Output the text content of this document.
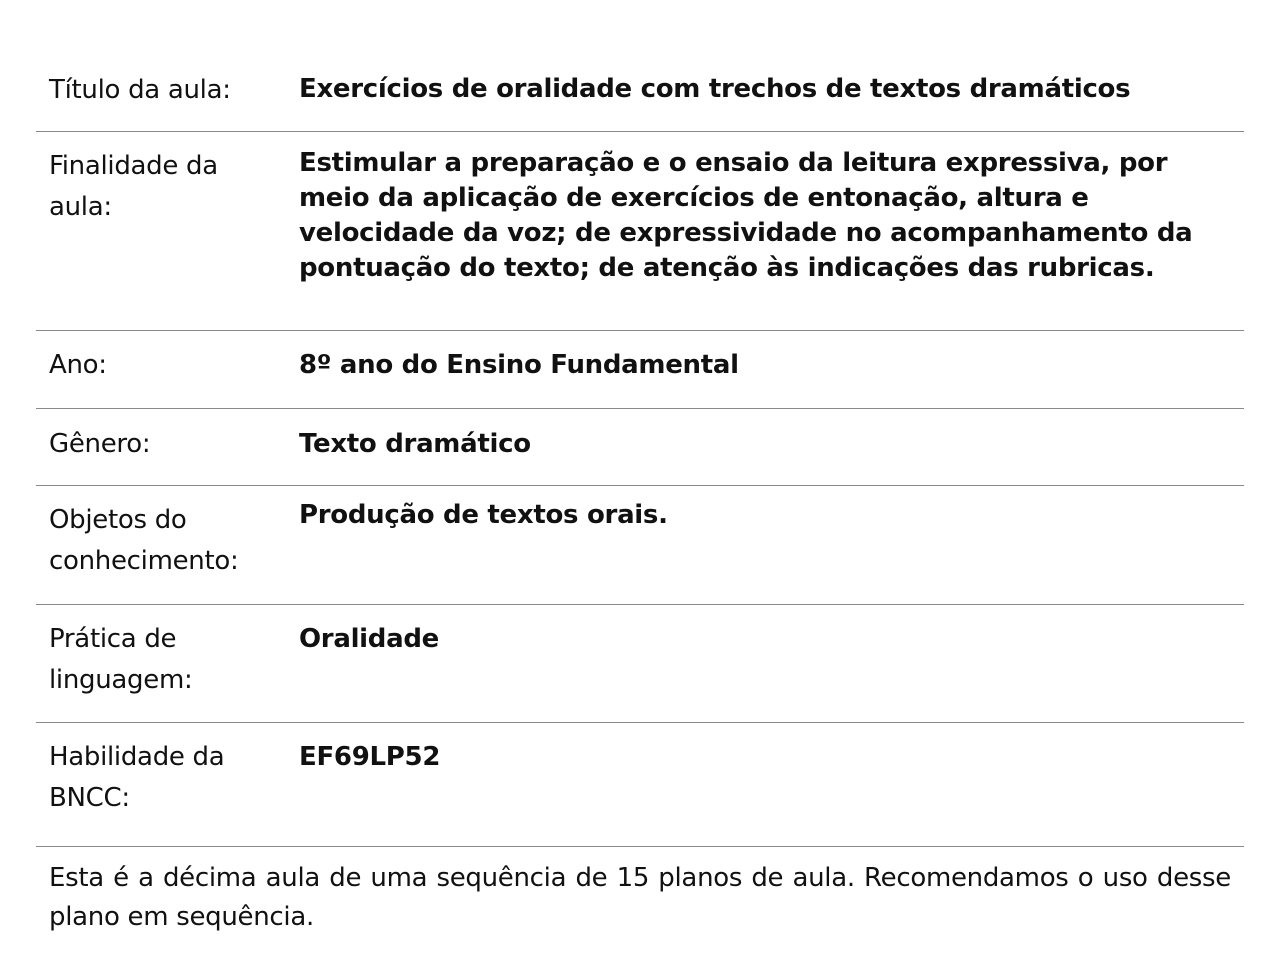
Título da aula:	Exercícios de oralidade com trechos de textos dramáticos
Finalidade da aula:
Estimular a preparação e o ensaio da leitura expressiva, por meio da aplicação de exercícios de entonação, altura e velocidade da voz; de expressividade no acompanhamento da pontuação do texto; de atenção às indicações das rubricas.
Ano:	8º ano do Ensino Fundamental
Gênero:	Texto dramático
Objetos do conhecimento:
Produção de textos orais.
Prática de linguagem:
Oralidade
Habilidade da BNCC:
EF69LP52
Esta é a décima aula de uma sequência de 15 planos de aula. Recomendamos o uso desse plano em sequência.
